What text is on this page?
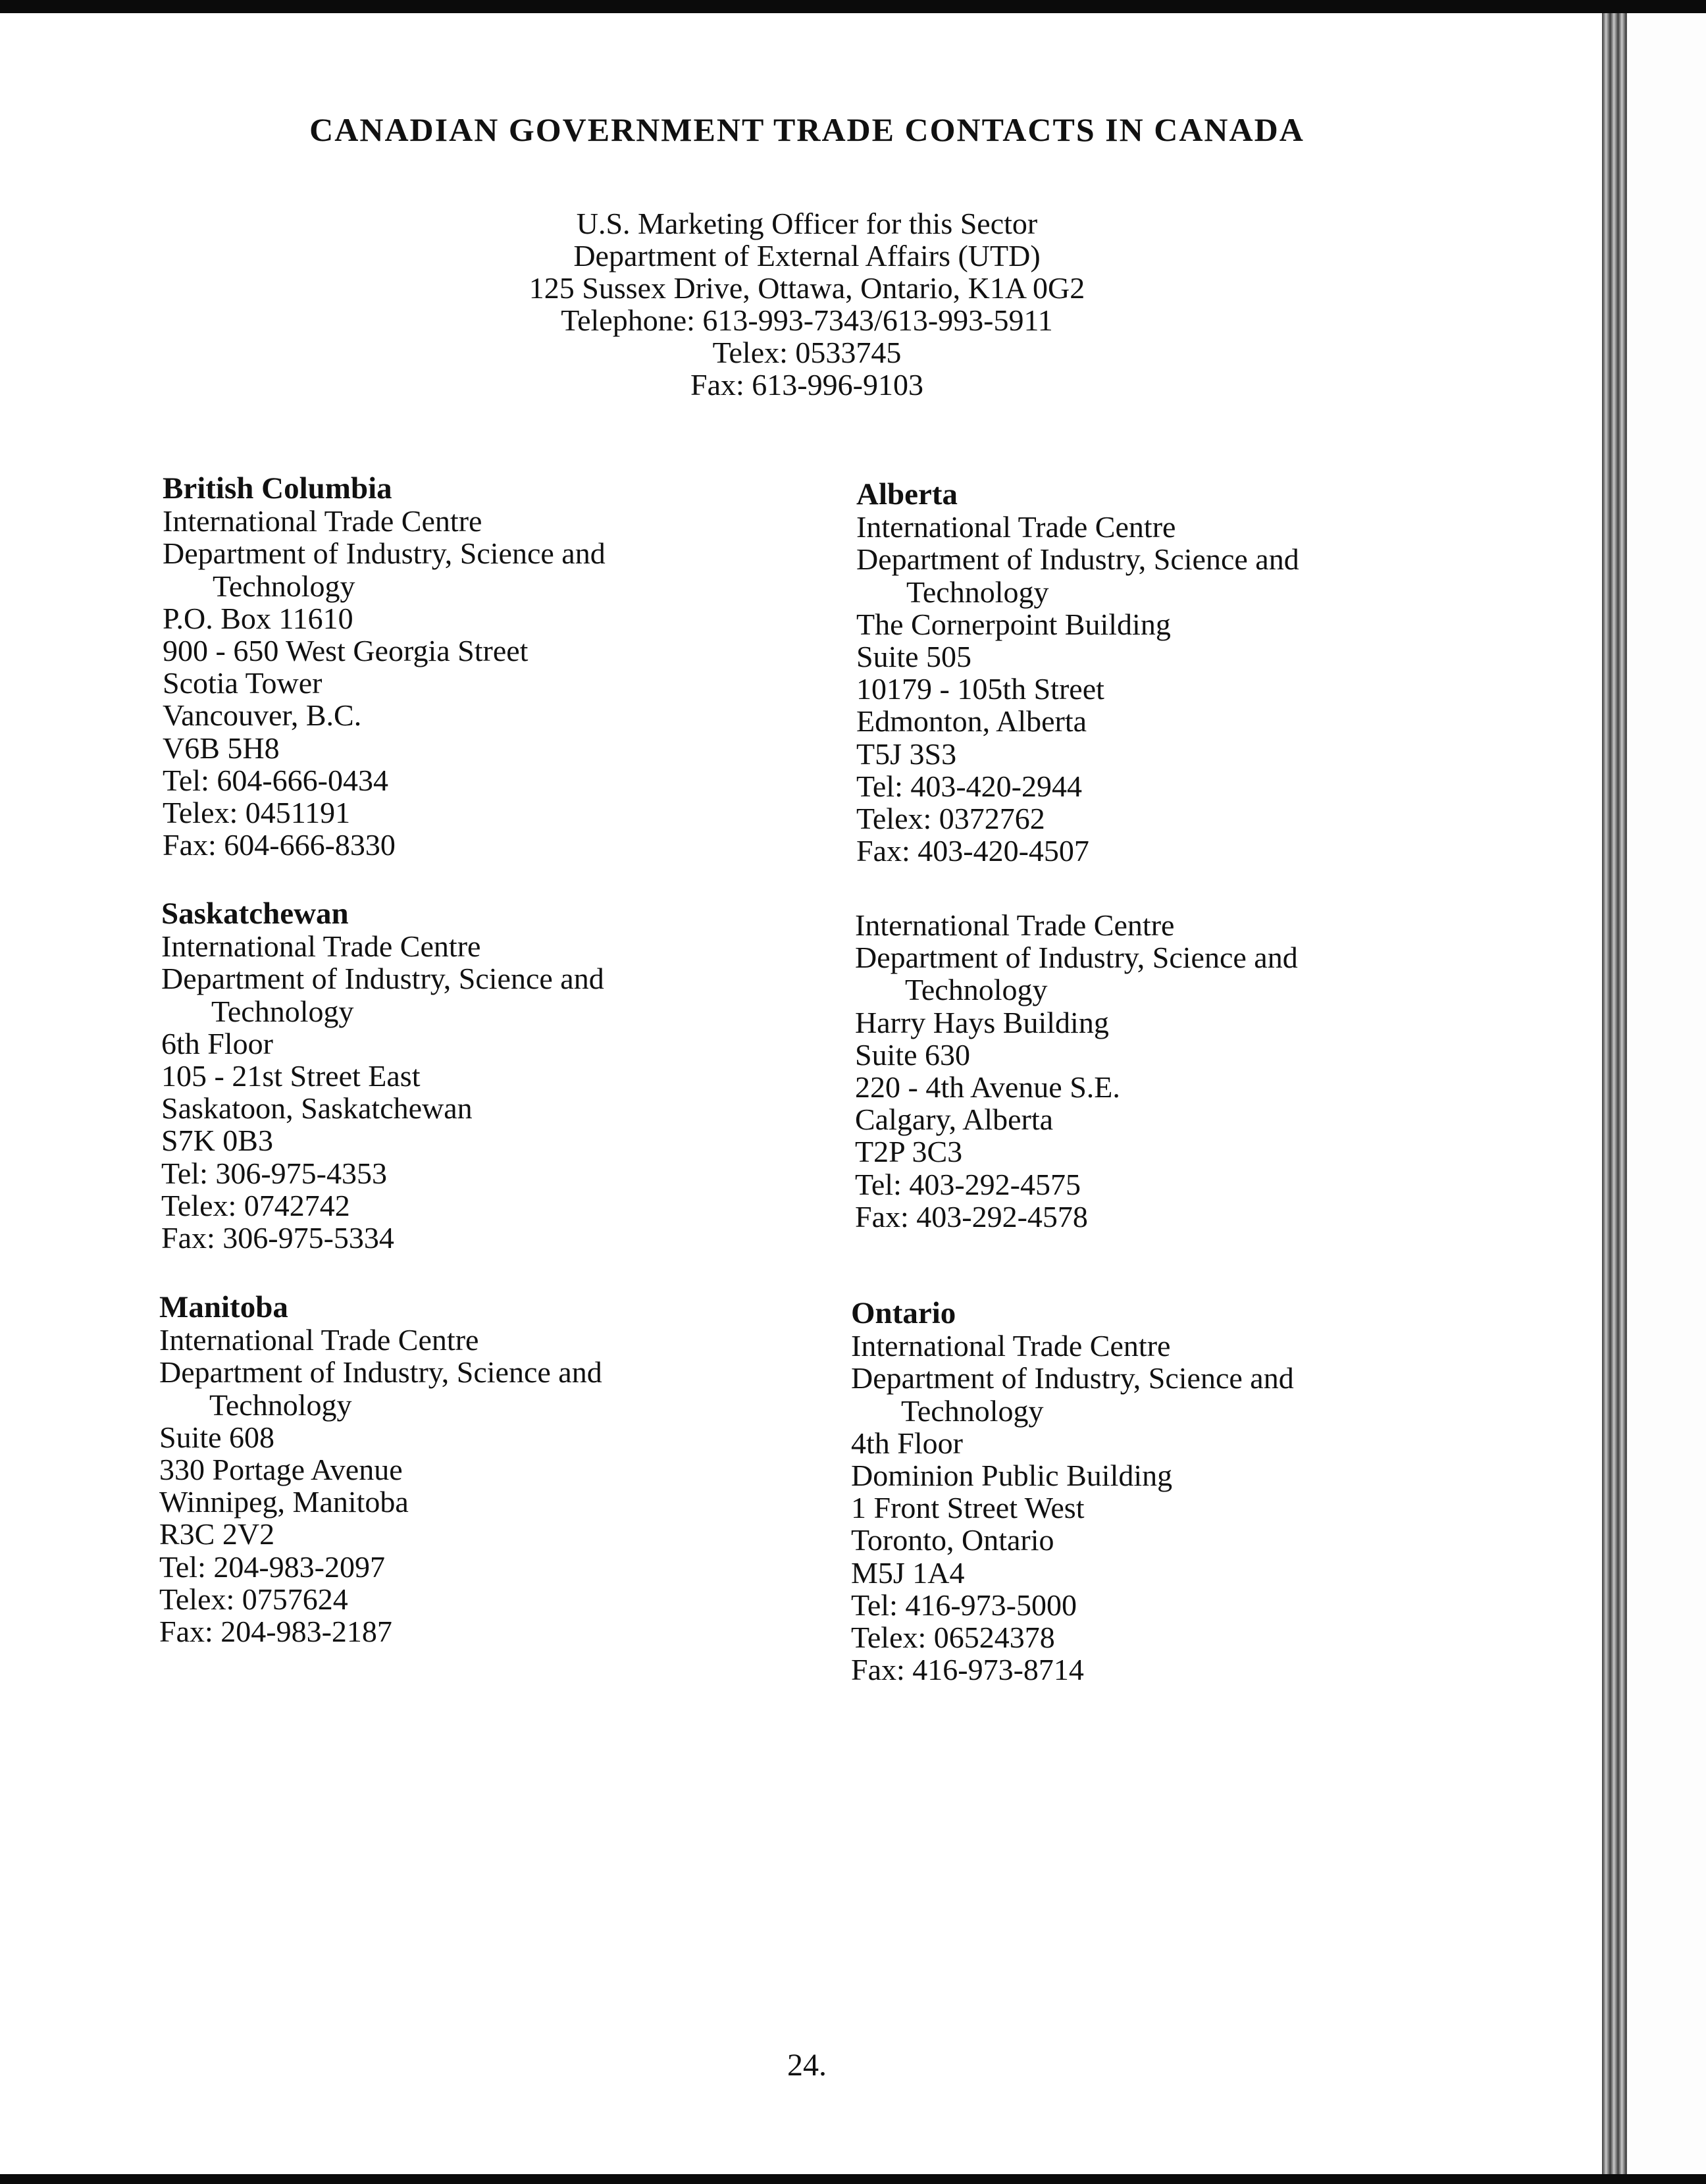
CANADIAN GOVERNMENT TRADE CONTACTS IN CANADA
U.S. Marketing Officer for this Sector
Department of External Affairs (UTD)
125 Sussex Drive, Ottawa, Ontario, K1A 0G2
Telephone: 613-993-7343/613-993-5911
Telex: 0533745
Fax: 613-996-9103
British Columbia
International Trade Centre
Department of Industry, Science and
Technology
P.O. Box 11610
900 - 650 West Georgia Street
Scotia Tower
Vancouver, B.C.
V6B 5H8
Tel: 604-666-0434
Telex: 0451191
Fax: 604-666-8330
Saskatchewan
International Trade Centre
Department of Industry, Science and
Technology
6th Floor
105 - 21st Street East
Saskatoon, Saskatchewan
S7K 0B3
Tel: 306-975-4353
Telex: 0742742
Fax: 306-975-5334
Manitoba
International Trade Centre
Department of Industry, Science and
Technology
Suite 608
330 Portage Avenue
Winnipeg, Manitoba
R3C 2V2
Tel: 204-983-2097
Telex: 0757624
Fax: 204-983-2187
Alberta
International Trade Centre
Department of Industry, Science and
Technology
The Cornerpoint Building
Suite 505
10179 - 105th Street
Edmonton, Alberta
T5J 3S3
Tel: 403-420-2944
Telex: 0372762
Fax: 403-420-4507
International Trade Centre
Department of Industry, Science and
Technology
Harry Hays Building
Suite 630
220 - 4th Avenue S.E.
Calgary, Alberta
T2P 3C3
Tel: 403-292-4575
Fax: 403-292-4578
Ontario
International Trade Centre
Department of Industry, Science and
Technology
4th Floor
Dominion Public Building
1 Front Street West
Toronto, Ontario
M5J 1A4
Tel: 416-973-5000
Telex: 06524378
Fax: 416-973-8714
24.
